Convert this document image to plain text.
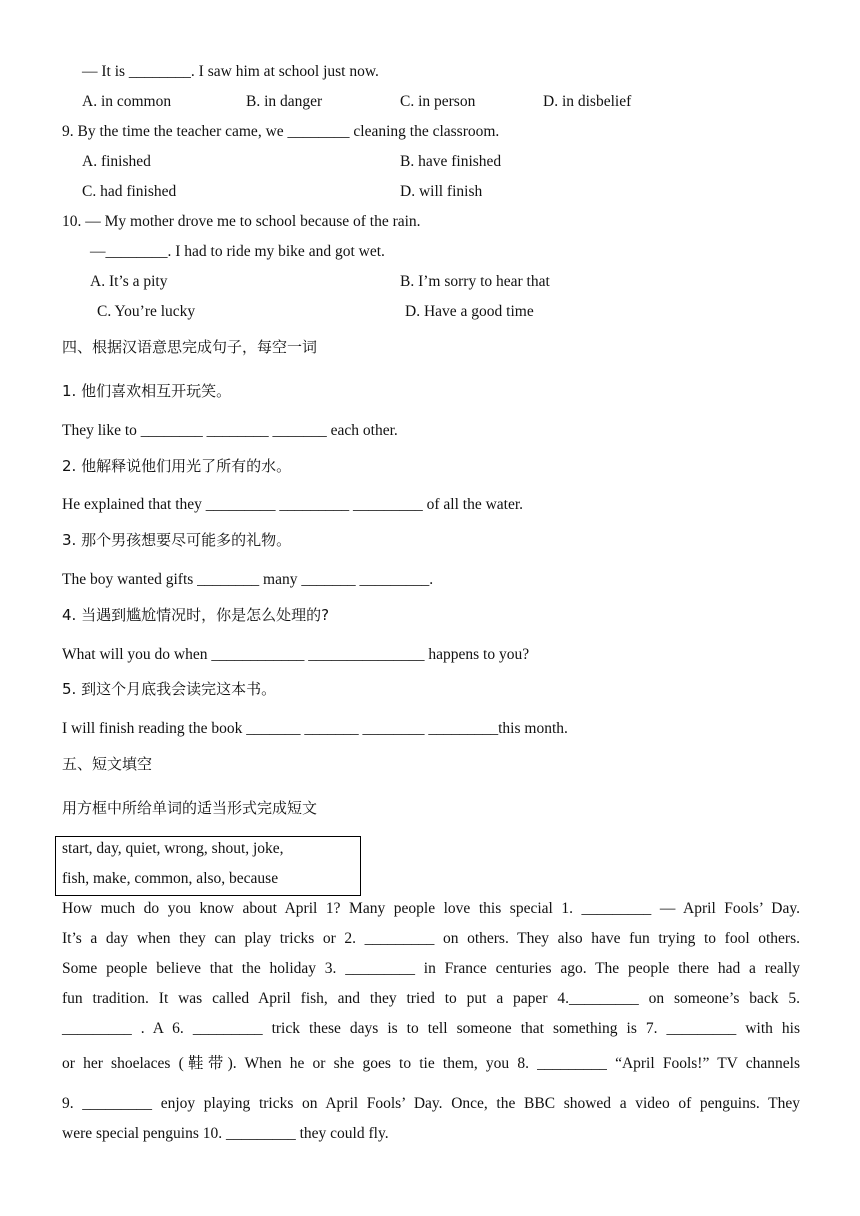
— It is ________. I saw him at school just now.
A. in common	B. in danger	C. in person	D. in disbelief
9. By the time the teacher came, we ________ cleaning the classroom.
A. finished	B. have finished
C. had finished	D. will finish
10. — My mother drove me to school because of the rain.
—________. I had to ride my bike and got wet.
A. It’s a pity	B. I’m sorry to hear that
C. You’re lucky	D. Have a good time
四、根据汉语意思完成句子，每空一词
1. 他们喜欢相互开玩笑。
They like to ________ ________ _______ each other.
2. 他解释说他们用光了所有的水。
He explained that they _________ _________ _________ of all the water.
3. 那个男孩想要尽可能多的礼物。
The boy wanted gifts ________ many _______ _________.
4. 当遇到尴尬情况时，你是怎么处理的?
What will you do when ____________ _______________ happens to you?
5. 到这个月底我会读完这本书。
I will finish reading the book _______ _______ ________ _________this month.
五、短文填空
用方框中所给单词的适当形式完成短文
start, day, quiet, wrong, shout, joke,
fish, make, common, also, because
How much do you know about April 1? Many people love this special 1. _________ — April Fools’ Day.
It’s a day when they can play tricks or 2. _________ on others. They also have fun trying to fool others.
Some people believe that the holiday 3. _________ in France centuries ago. The people there had a really
fun tradition. It was called April fish, and they tried to put a paper 4._________ on someone’s back 5.
_________ . A 6. _________ trick these days is to tell someone that something is 7. _________ with his
or her shoelaces (鞋带). When he or she goes to tie them, you 8. _________ “April Fools!” TV channels
9. _________ enjoy playing tricks on April Fools’ Day. Once, the BBC showed a video of penguins. They
were special penguins 10. _________ they could fly.
